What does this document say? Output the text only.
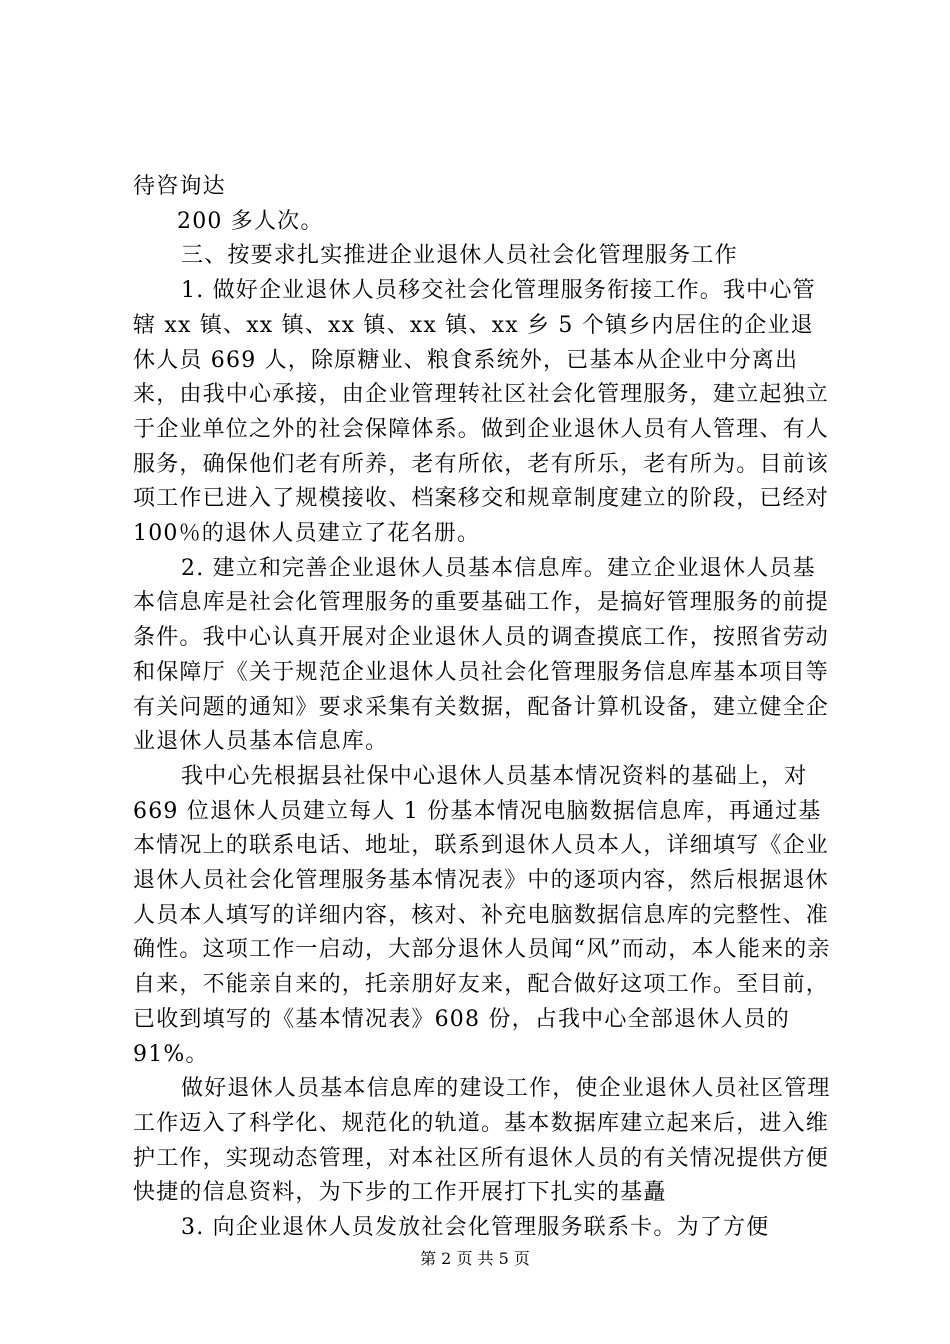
待咨询达

200 多人次。

三、按要求扎实推进企业退休人员社会化管理服务工作

1. 做好企业退休人员移交社会化管理服务衔接工作。我中心管辖 xx 镇、xx 镇、xx 镇、xx 镇、xx 乡 5 个镇乡内居住的企业退休人员 669 人，除原糖业、粮食系统外，已基本从企业中分离出来，由我中心承接，由企业管理转社区社会化管理服务，建立起独立于企业单位之外的社会保障体系。做到企业退休人员有人管理、有人服务，确保他们老有所养，老有所依，老有所乐，老有所为。目前该项工作已进入了规模接收、档案移交和规章制度建立的阶段，已经对 100％的退休人员建立了花名册。

2. 建立和完善企业退休人员基本信息库。建立企业退休人员基本信息库是社会化管理服务的重要基础工作，是搞好管理服务的前提条件。我中心认真开展对企业退休人员的调查摸底工作，按照省劳动和保障厅《关于规范企业退休人员社会化管理服务信息库基本项目等有关问题的通知》要求采集有关数据，配备计算机设备，建立健全企业退休人员基本信息库。

我中心先根据县社保中心退休人员基本情况资料的基础上，对 669 位退休人员建立每人 1 份基本情况电脑数据信息库，再通过基本情况上的联系电话、地址，联系到退休人员本人，详细填写《企业退休人员社会化管理服务基本情况表》中的逐项内容，然后根据退休人员本人填写的详细内容，核对、补充电脑数据信息库的完整性、准确性。这项工作一启动，大部分退休人员闻“风”而动，本人能来的亲自来，不能亲自来的，托亲朋好友来，配合做好这项工作。至目前，已收到填写的《基本情况表》608 份，占我中心全部退休人员的 91%。

做好退休人员基本信息库的建设工作，使企业退休人员社区管理工作迈入了科学化、规范化的轨道。基本数据库建立起来后，进入维护工作，实现动态管理，对本社区所有退休人员的有关情况提供方便快捷的信息资料，为下步的工作开展打下扎实的基矗

3. 向企业退休人员发放社会化管理服务联系卡。为了方便

第 2 页 共 5 页
